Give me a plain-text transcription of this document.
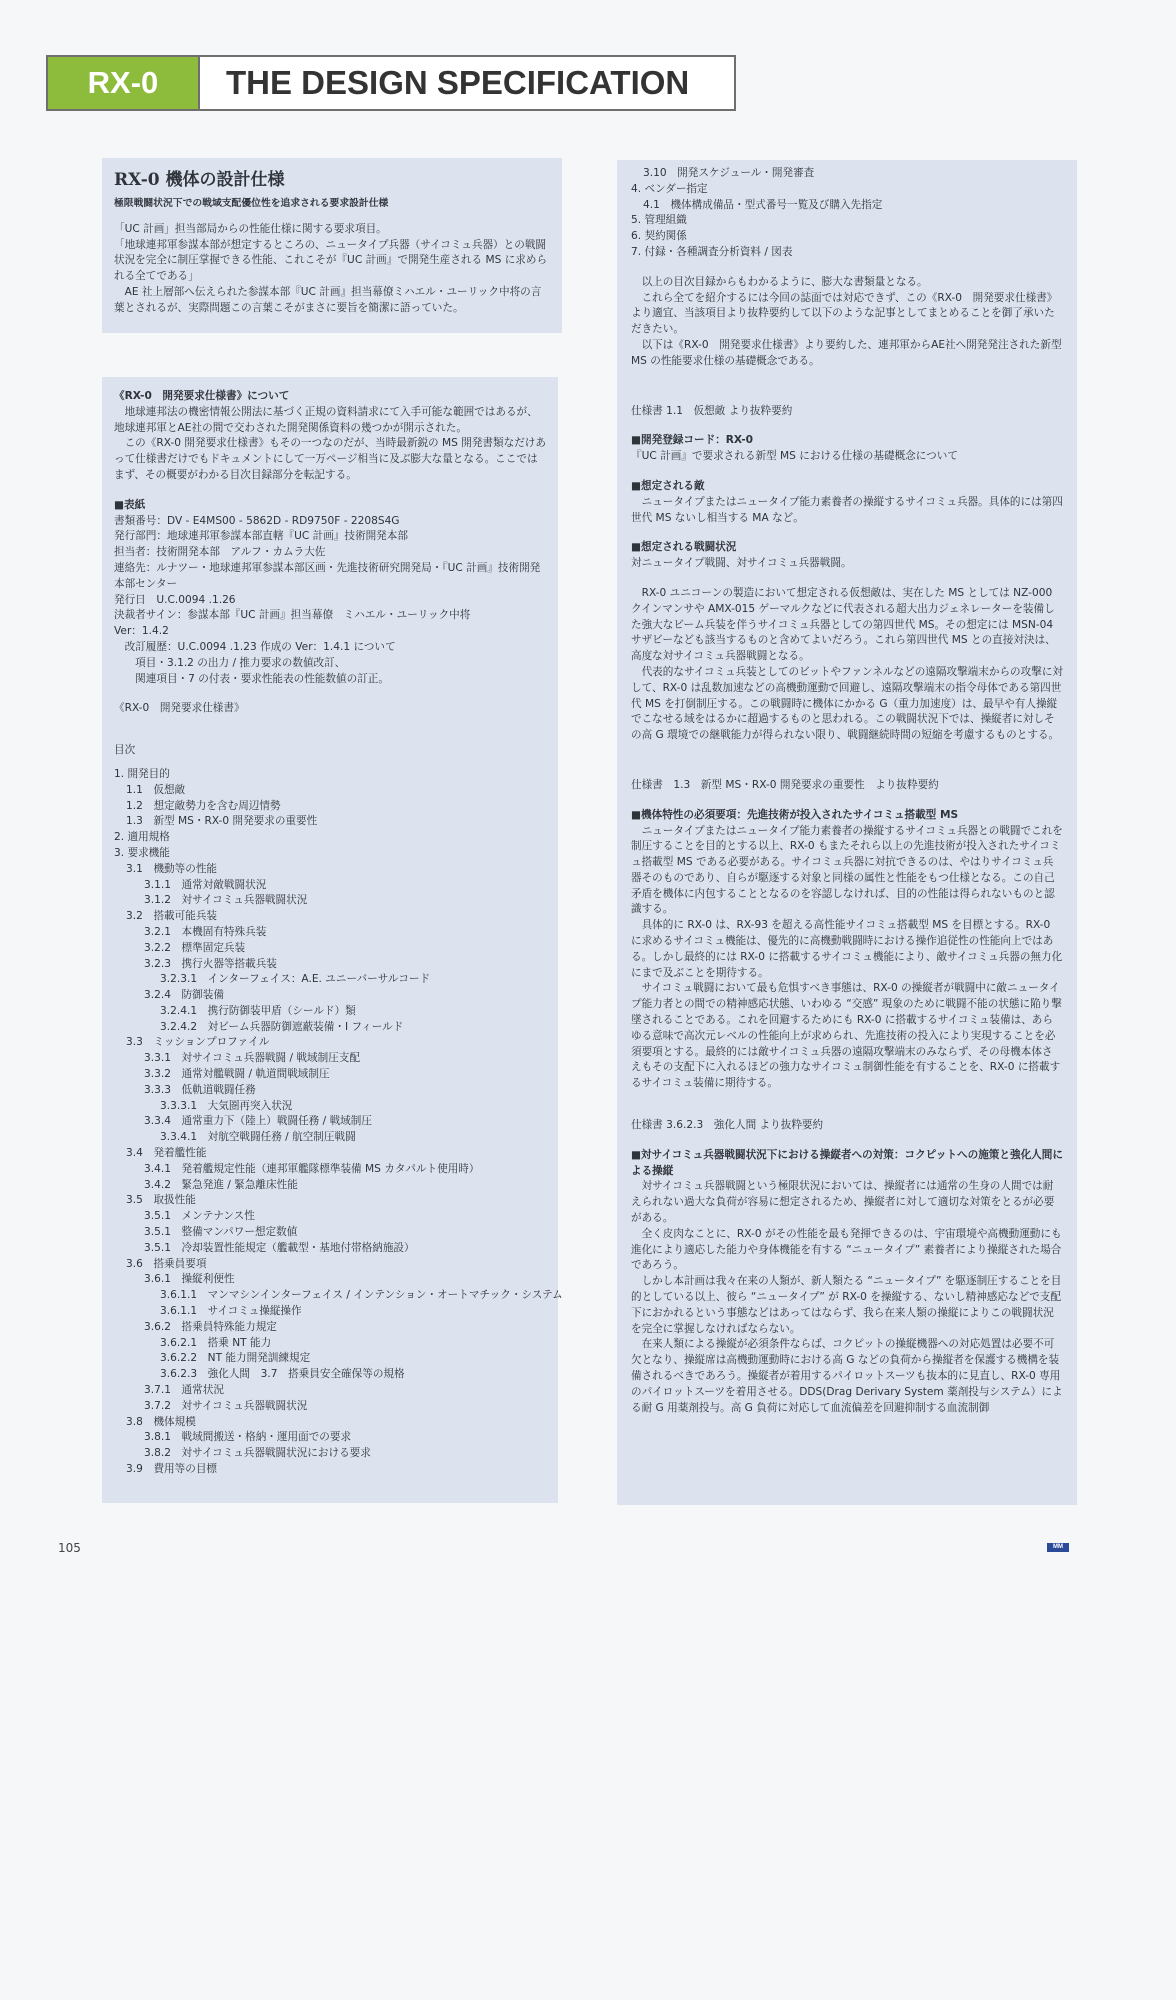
RX-0	THE DESIGN SPECIFICATION
RX-0 機体の設計仕様
極限戦闘状況下での戦域支配優位性を追求される要求設計仕様

「UC 計画」担当部局からの性能仕様に関する要求項目。

「地球連邦軍参謀本部が想定するところの、ニュータイプ兵器（サイコミュ兵器）との戦闘状況を完全に制圧掌握できる性能、これこそが『UC 計画』で開発生産される MS に求められる全てである」

　AE 社上層部へ伝えられた参謀本部『UC 計画』担当幕僚ミハエル・ユーリック中将の言葉とされるが、実際問題この言葉こそがまさに要旨を簡潔に語っていた。

《RX-0　開発要求仕様書》について

地球連邦法の機密情報公開法に基づく正規の資料請求にて入手可能な範囲ではあるが、地球連邦軍とAE社の間で交わされた開発関係資料の幾つかが開示された。

この《RX-0 開発要求仕様書》もその一つなのだが、当時最新鋭の MS 開発書類なだけあって仕様書だけでもドキュメントにして一万ページ相当に及ぶ膨大な量となる。ここではまず、その概要がわかる目次目録部分を転記する。

■表紙

書類番号：DV - E4MS00 - 5862D - RD9750F - 2208S4G

発行部門：地球連邦軍参謀本部直轄『UC 計画』技術開発本部

担当者：技術開発本部　アルフ・カムラ大佐

連絡先：ルナツー・地球連邦軍参謀本部区画・先進技術研究開発局・『UC 計画』技術開発本部センター

発行日　U.C.0094 .1.26

決裁者サイン：参謀本部『UC 計画』担当幕僚　ミハエル・ユーリック中将

Ver：1.4.2

　改訂履歴：U.C.0094 .1.23 作成の Ver：1.4.1 について

　　項目・3.1.2 の出力 / 推力要求の数値改訂、

　　関連項目・7 の付表・要求性能表の性能数値の訂正。

《RX-0　開発要求仕様書》

目次

1. 開発目的
1.1　仮想敵
1.2　想定敵勢力を含む周辺情勢
1.3　新型 MS・RX-0 開発要求の重要性
2. 適用規格
3. 要求機能
3.1　機動等の性能
3.1.1　通常対敵戦闘状況
3.1.2　対サイコミュ兵器戦闘状況
3.2　搭載可能兵装
3.2.1　本機固有特殊兵装
3.2.2　標準固定兵装
3.2.3　携行火器等搭載兵装
3.2.3.1　インターフェイス：A.E. ユニーバーサルコード
3.2.4　防御装備
3.2.4.1　携行防御装甲盾（シールド）類
3.2.4.2　対ビーム兵器防御遮蔽装備・I フィールド
3.3　ミッションプロファイル
3.3.1　対サイコミュ兵器戦闘 / 戦域制圧支配
3.3.2　通常対艦戦闘 / 軌道間戦域制圧
3.3.3　低軌道戦闘任務
3.3.3.1　大気圏再突入状況
3.3.4　通常重力下（陸上）戦闘任務 / 戦域制圧
3.3.4.1　対航空戦闘任務 / 航空制圧戦闘
3.4　発着艦性能
3.4.1　発着艦規定性能（連邦軍艦隊標準装備 MS カタパルト使用時）
3.4.2　緊急発進 / 緊急離床性能
3.5　取扱性能
3.5.1　メンテナンス性
3.5.1　整備マンパワー想定数値
3.5.1　冷却装置性能規定（艦載型・基地付帯格納施設）
3.6　搭乗員要項
3.6.1　操縦利便性
3.6.1.1　マンマシンインターフェイス / インテンション・オートマチック・システム
3.6.1.1　サイコミュ操縦操作
3.6.2　搭乗員特殊能力規定
3.6.2.1　搭乗 NT 能力
3.6.2.2　NT 能力開発訓練規定
3.6.2.3　強化人間　3.7　搭乗員安全確保等の規格
3.7.1　通常状況
3.7.2　対サイコミュ兵器戦闘状況
3.8　機体規模
3.8.1　戦域間搬送・格納・運用面での要求
3.8.2　対サイコミュ兵器戦闘状況における要求
3.9　費用等の目標
3.10　開発スケジュール・開発審査
4. ベンダー指定
4.1　機体構成備品・型式番号一覧及び購入先指定
5. 管理組織
6. 契約関係
7. 付録・各種調査分析資料 / 図表

以上の目次目録からもわかるように、膨大な書類量となる。

これら全てを紹介するには今回の誌面では対応できず、この《RX-0　開発要求仕様書》より適宜、当該項目より抜粋要約して以下のような記事としてまとめることを御了承いただきたい。

以下は《RX-0　開発要求仕様書》より要約した、連邦軍からAE社へ開発発注された新型 MS の性能要求仕様の基礎概念である。

仕様書 1.1　仮想敵 より抜粋要約

■開発登録コード：RX-0

『UC 計画』で要求される新型 MS における仕様の基礎概念について

■想定される敵

ニュータイプまたはニュータイプ能力素養者の操縦するサイコミュ兵器。具体的には第四世代 MS ないし相当する MA など。

■想定される戦闘状況

対ニュータイプ戦闘、対サイコミュ兵器戦闘。

RX-0 ユニコーンの製造において想定される仮想敵は、実在した MS としては NZ-000 クインマンサや AMX-015 ゲーマルクなどに代表される超大出力ジェネレーターを装備した強大なビーム兵装を伴うサイコミュ兵器としての第四世代 MS。その想定には MSN-04 サザビーなども該当するものと含めてよいだろう。これら第四世代 MS との直接対決は、高度な対サイコミュ兵器戦闘となる。

代表的なサイコミュ兵装としてのビットやファンネルなどの遠隔攻撃端末からの攻撃に対して、RX-0 は乱数加速などの高機動運動で回避し、遠隔攻撃端末の指令母体である第四世代 MS を打倒制圧する。この戦闘時に機体にかかる G（重力加速度）は、最早や有人操縦でこなせる域をはるかに超過するものと思われる。この戦闘状況下では、操縦者に対しその高 G 環境での継戦能力が得られない限り、戦闘継続時間の短縮を考慮するものとする。

仕様書　1.3　新型 MS・RX-0 開発要求の重要性　より抜粋要約

■機体特性の必須要項：先進技術が投入されたサイコミュ搭載型 MS

ニュータイプまたはニュータイプ能力素養者の操縦するサイコミュ兵器との戦闘でこれを制圧することを目的とする以上、RX-0 もまたそれら以上の先進技術が投入されたサイコミュ搭載型 MS である必要がある。サイコミュ兵器に対抗できるのは、やはりサイコミュ兵器そのものであり、自らが駆逐する対象と同様の属性と性能をもつ仕様となる。この自己矛盾を機体に内包することとなるのを容認しなければ、目的の性能は得られないものと認識する。

具体的に RX-0 は、RX-93 を超える高性能サイコミュ搭載型 MS を目標とする。RX-0 に求めるサイコミュ機能は、優先的に高機動戦闘時における操作追従性の性能向上ではある。しかし最終的には RX-0 に搭載するサイコミュ機能により、敵サイコミュ兵器の無力化にまで及ぶことを期待する。

サイコミュ戦闘において最も危惧すべき事態は、RX-0 の操縦者が戦闘中に敵ニュータイプ能力者との間での精神感応状態、いわゆる “交感” 現象のために戦闘不能の状態に陥り撃墜されることである。これを回避するためにも RX-0 に搭載するサイコミュ装備は、あらゆる意味で高次元レベルの性能向上が求められ、先進技術の投入により実現することを必須要項とする。最終的には敵サイコミュ兵器の遠隔攻撃端末のみならず、その母機本体さえもその支配下に入れるほどの強力なサイコミュ制御性能を有することを、RX-0 に搭載するサイコミュ装備に期待する。

仕様書 3.6.2.3　強化人間 より抜粋要約

■対サイコミュ兵器戦闘状況下における操縦者への対策：コクピットへの施策と強化人間による操縦

対サイコミュ兵器戦闘という極限状況においては、操縦者には通常の生身の人間では耐えられない過大な負荷が容易に想定されるため、操縦者に対して適切な対策をとるが必要がある。

全く皮肉なことに、RX-0 がその性能を最も発揮できるのは、宇宙環境や高機動運動にも進化により適応した能力や身体機能を有する “ニュータイプ” 素養者により操縦された場合であろう。

しかし本計画は我々在来の人類が、新人類たる “ニュータイプ” を駆逐制圧することを目的としている以上、彼ら “ニュータイプ” が RX-0 を操縦する、ないし精神感応などで支配下におかれるという事態などはあってはならず、我ら在来人類の操縦によりこの戦闘状況を完全に掌握しなければならない。

在来人類による操縦が必須条件ならば、コクピットの操縦機器への対応処置は必要不可欠となり、操縦席は高機動運動時における高 G などの負荷から操縦者を保護する機構を装備されるべきであろう。操縦者が着用するパイロットスーツも抜本的に見直し、RX-0 専用のパイロットスーツを着用させる。DDS(Drag Derivary System 薬剤投与システム）による耐 G 用薬剤投与。高 G 負荷に対応して血流偏差を回避抑制する血流制御

105	MM
